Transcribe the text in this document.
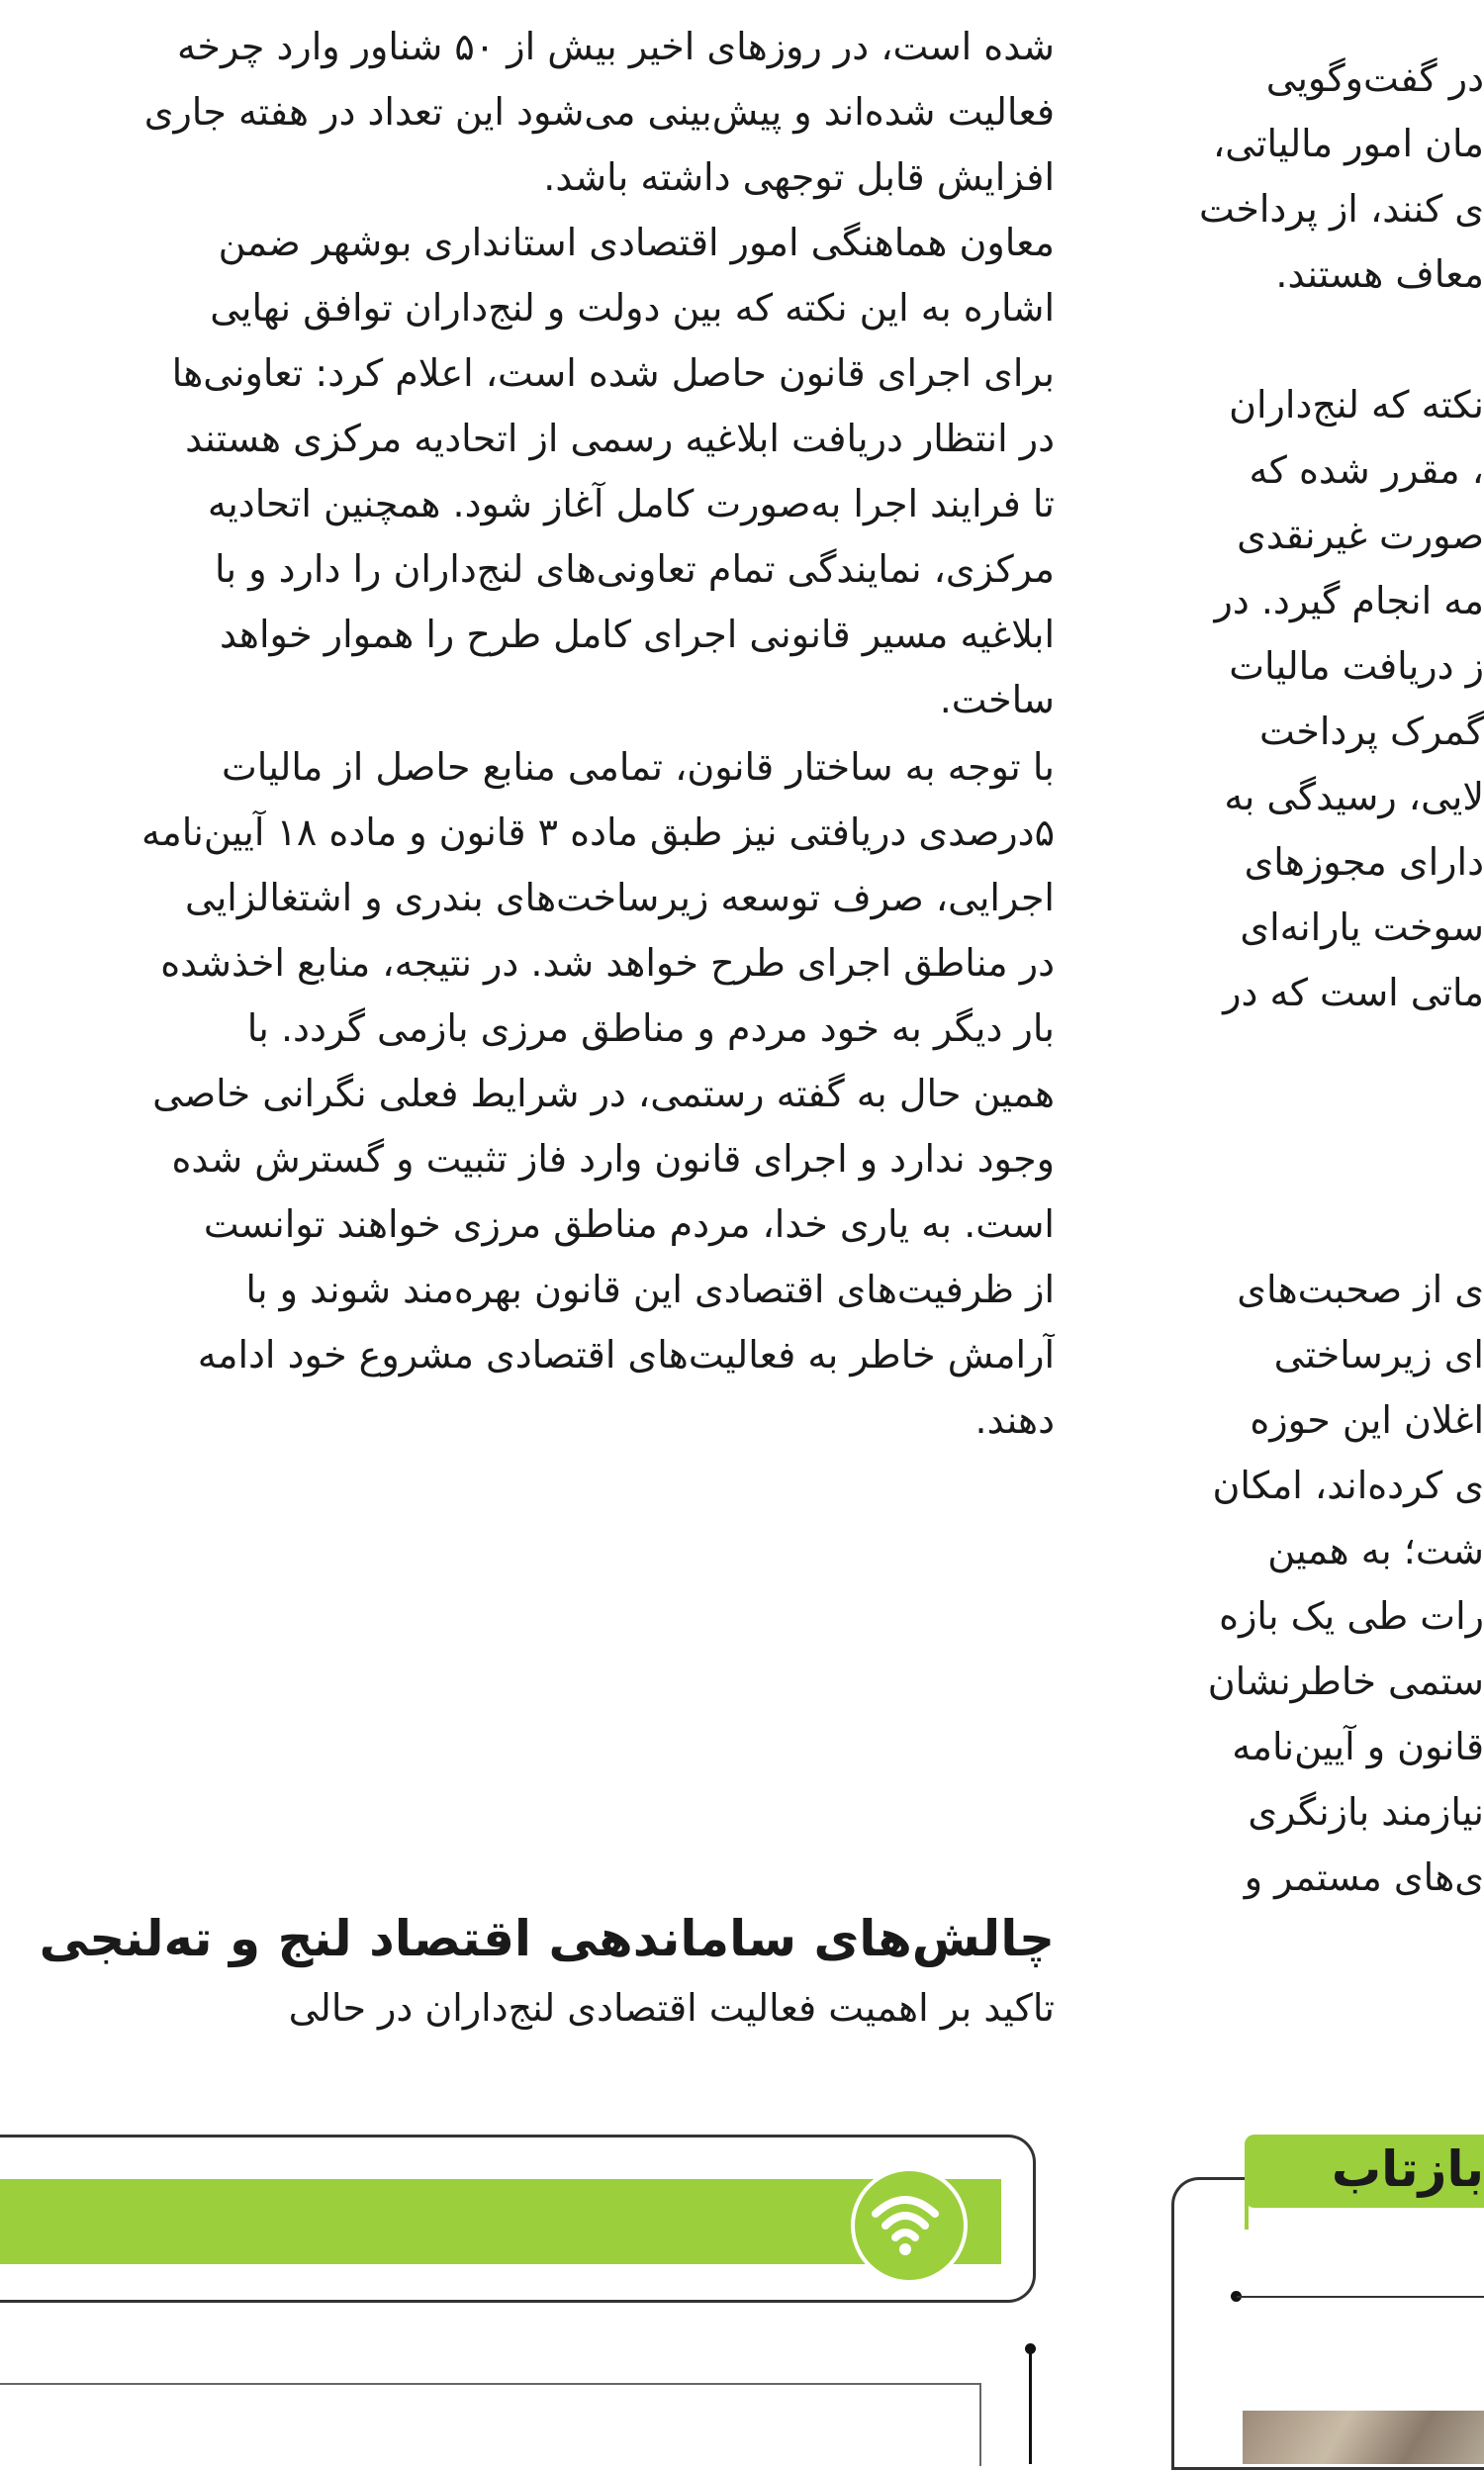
شده است، در روزهای اخیر بیش از ۵۰ شناور وارد چرخه
فعالیت شده‌اند و پیش‌بینی می‌شود این تعداد در هفته جاری
افزایش قابل توجهی داشته باشد.
معاون هماهنگی امور اقتصادی استانداری بوشهر ضمن
اشاره به این نکته که بین دولت و لنج‌داران توافق نهایی
برای اجرای قانون حاصل شده است، اعلام کرد: تعاونی‌ها
در انتظار دریافت ابلاغیه رسمی از اتحادیه مرکزی هستند
تا فرایند اجرا به‌صورت کامل آغاز شود. همچنین اتحادیه
مرکزی، نمایندگی تمام تعاونی‌های لنج‌داران را دارد و با
ابلاغیه مسیر قانونی اجرای کامل طرح را هموار خواهد
ساخت.
با توجه به ساختار قانون، تمامی منابع حاصل از مالیات
۵درصدی دریافتی نیز طبق ماده ۳ قانون و ماده ۱۸ آیین‌نامه
اجرایی، صرف توسعه زیرساخت‌های بندری و اشتغالزایی
در مناطق اجرای طرح خواهد شد. در نتیجه، منابع اخذشده
بار دیگر به خود مردم و مناطق مرزی بازمی گردد. با
همین حال به گفته رستمی، در شرایط فعلی نگرانی خاصی
وجود ندارد و اجرای قانون وارد فاز تثبیت و گسترش شده
است. به یاری خدا، مردم مناطق مرزی خواهند توانست
از ظرفیت‌های اقتصادی این قانون بهره‌مند شوند و با
آرامش خاطر به فعالیت‌های اقتصادی مشروع خود ادامه
دهند.
چالش‌های ساماندهی اقتصاد لنج و ته‌لنجی
تاکید بر اهمیت فعالیت اقتصادی لنج‌داران در حالی
در گفت‌وگویی
مان امور مالیاتی،
ی کنند، از پرداخت
معاف هستند.
نکته که لنج‌داران
، مقرر شده که
صورت غیرنقدی
مه انجام گیرد. در
ز دریافت مالیات
گمرک پرداخت
لایی، رسیدگی به
دارای مجوزهای
سوخت یارانه‌ای
ماتی است که در
ی از صحبت‌های
ای زیرساختی
اغلان این حوزه
ی کرده‌اند، امکان
شت؛ به همین
رات طی یک بازه
ستمی خاطرنشان
قانون و آیین‌نامه
نیازمند بازنگری
ی‌های مستمر و
بازتاب
